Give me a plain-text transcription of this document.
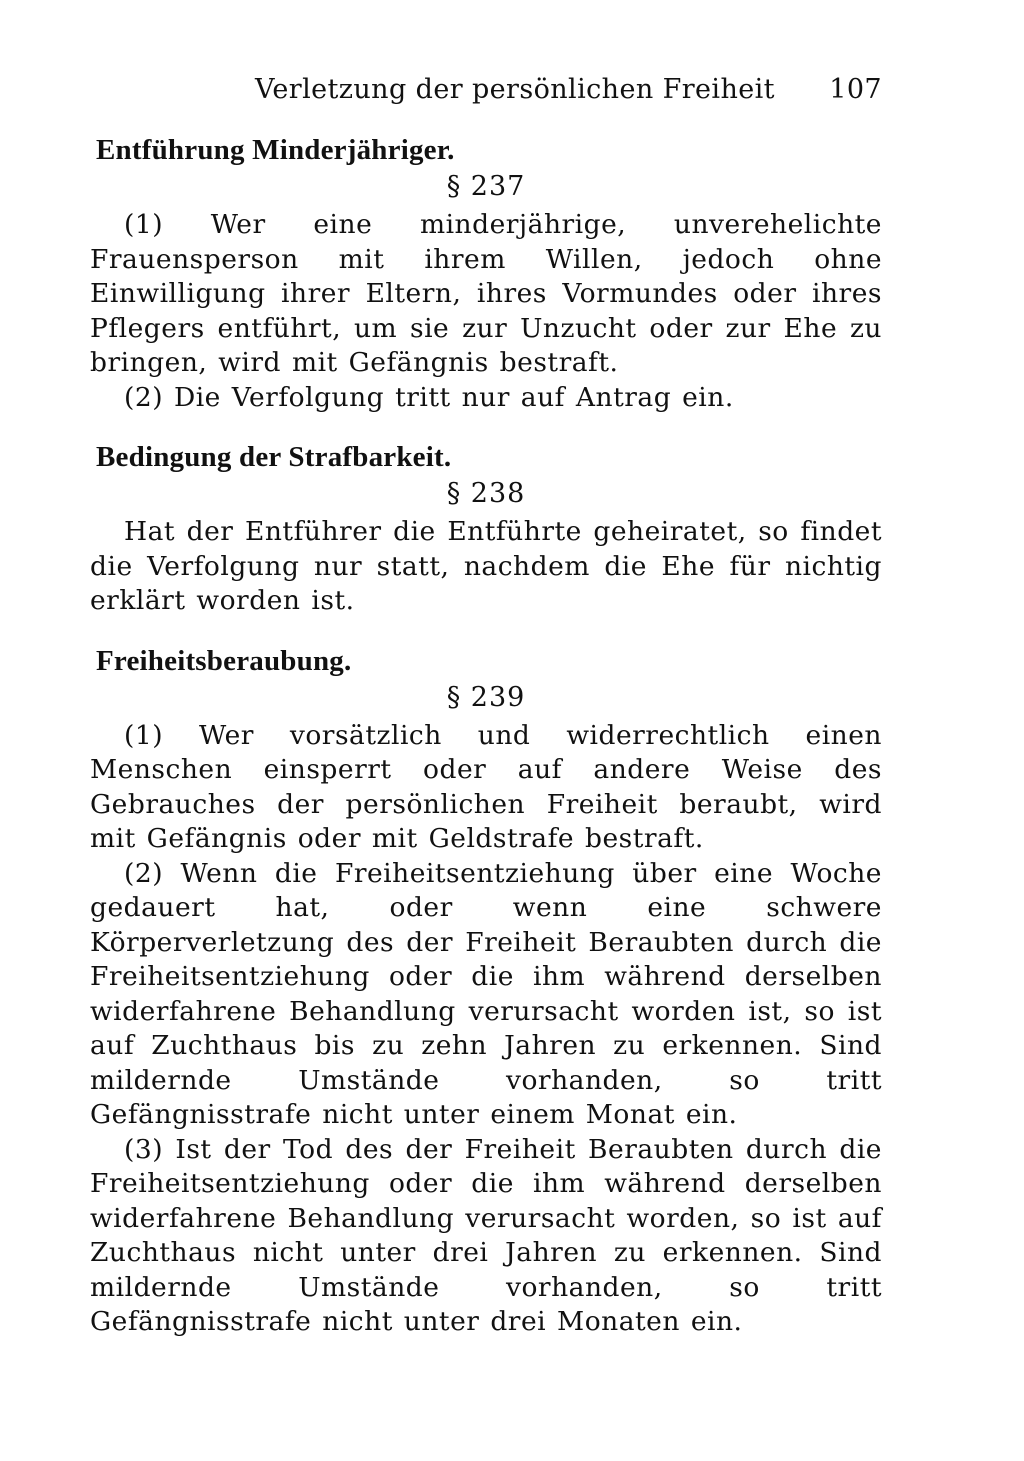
Verletzung der persönlichen Freiheit 107
Entführung Minderjähriger.
§ 237

(1) Wer eine minderjährige, unverehelichte Frauensperson mit ihrem Willen, jedoch ohne Einwilligung ihrer Eltern, ihres Vormundes oder ihres Pflegers entführt, um sie zur Unzucht oder zur Ehe zu bringen, wird mit Gefängnis bestraft.

(2) Die Verfolgung tritt nur auf Antrag ein.

Bedingung der Strafbarkeit.
§ 238

Hat der Entführer die Entführte geheiratet, so findet die Verfolgung nur statt, nachdem die Ehe für nichtig erklärt worden ist.

Freiheitsberaubung.
§ 239

(1) Wer vorsätzlich und widerrechtlich einen Menschen einsperrt oder auf andere Weise des Gebrauches der persönlichen Freiheit beraubt, wird mit Gefängnis oder mit Geldstrafe bestraft.

(2) Wenn die Freiheitsentziehung über eine Woche gedauert hat, oder wenn eine schwere Körperverletzung des der Freiheit Beraubten durch die Freiheitsentziehung oder die ihm während derselben widerfahrene Behandlung verursacht worden ist, so ist auf Zuchthaus bis zu zehn Jahren zu erkennen. Sind mildernde Umstände vorhanden, so tritt Gefängnisstrafe nicht unter einem Monat ein.

(3) Ist der Tod des der Freiheit Beraubten durch die Freiheitsentziehung oder die ihm während derselben widerfahrene Behandlung verursacht worden, so ist auf Zuchthaus nicht unter drei Jahren zu erkennen. Sind mildernde Umstände vorhanden, so tritt Gefängnisstrafe nicht unter drei Monaten ein.
